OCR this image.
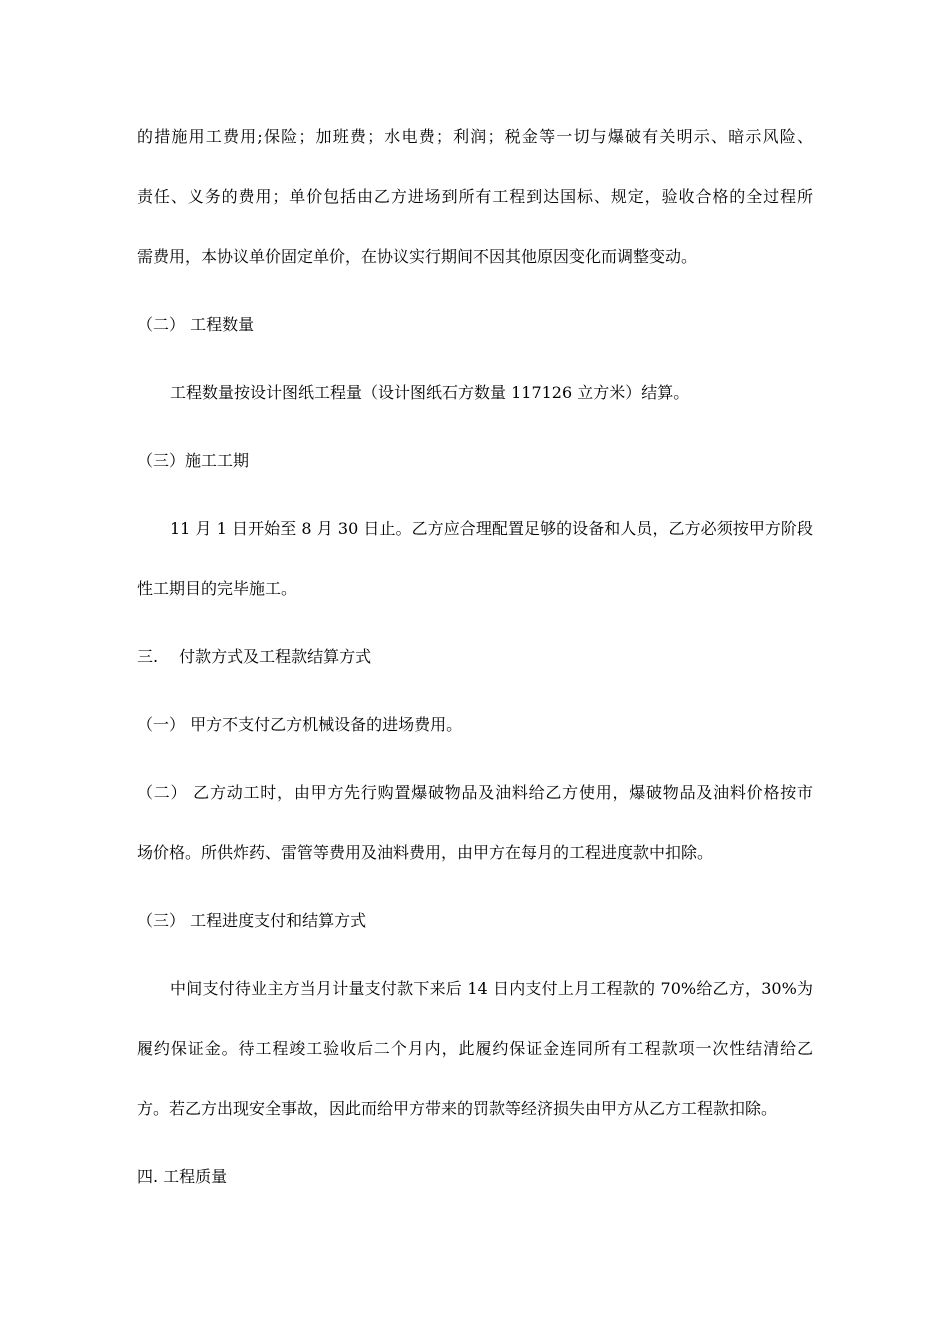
的措施用工费用;保险；加班费；水电费；利润；税金等一切与爆破有关明示、暗示风险、
责任、义务的费用；单价包括由乙方进场到所有工程到达国标、规定，验收合格的全过程所
需费用，本协议单价固定单价，在协议实行期间不因其他原因变化而调整变动。
（二） 工程数量
工程数量按设计图纸工程量（设计图纸石方数量 117126 立方米）结算。
（三）施工工期
11 月 1 日开始至 8 月 30 日止。乙方应合理配置足够的设备和人员，乙方必须按甲方阶段
性工期目的完毕施工。
三.　 付款方式及工程款结算方式
（一） 甲方不支付乙方机械设备的进场费用。
（二） 乙方动工时，由甲方先行购置爆破物品及油料给乙方使用，爆破物品及油料价格按市
场价格。所供炸药、雷管等费用及油料费用，由甲方在每月的工程进度款中扣除。
（三） 工程进度支付和结算方式
中间支付待业主方当月计量支付款下来后 14 日内支付上月工程款的 70%给乙方，30%为
履约保证金。待工程竣工验收后二个月内，此履约保证金连同所有工程款项一次性结清给乙
方。若乙方出现安全事故，因此而给甲方带来的罚款等经济损失由甲方从乙方工程款扣除。
四. 工程质量
